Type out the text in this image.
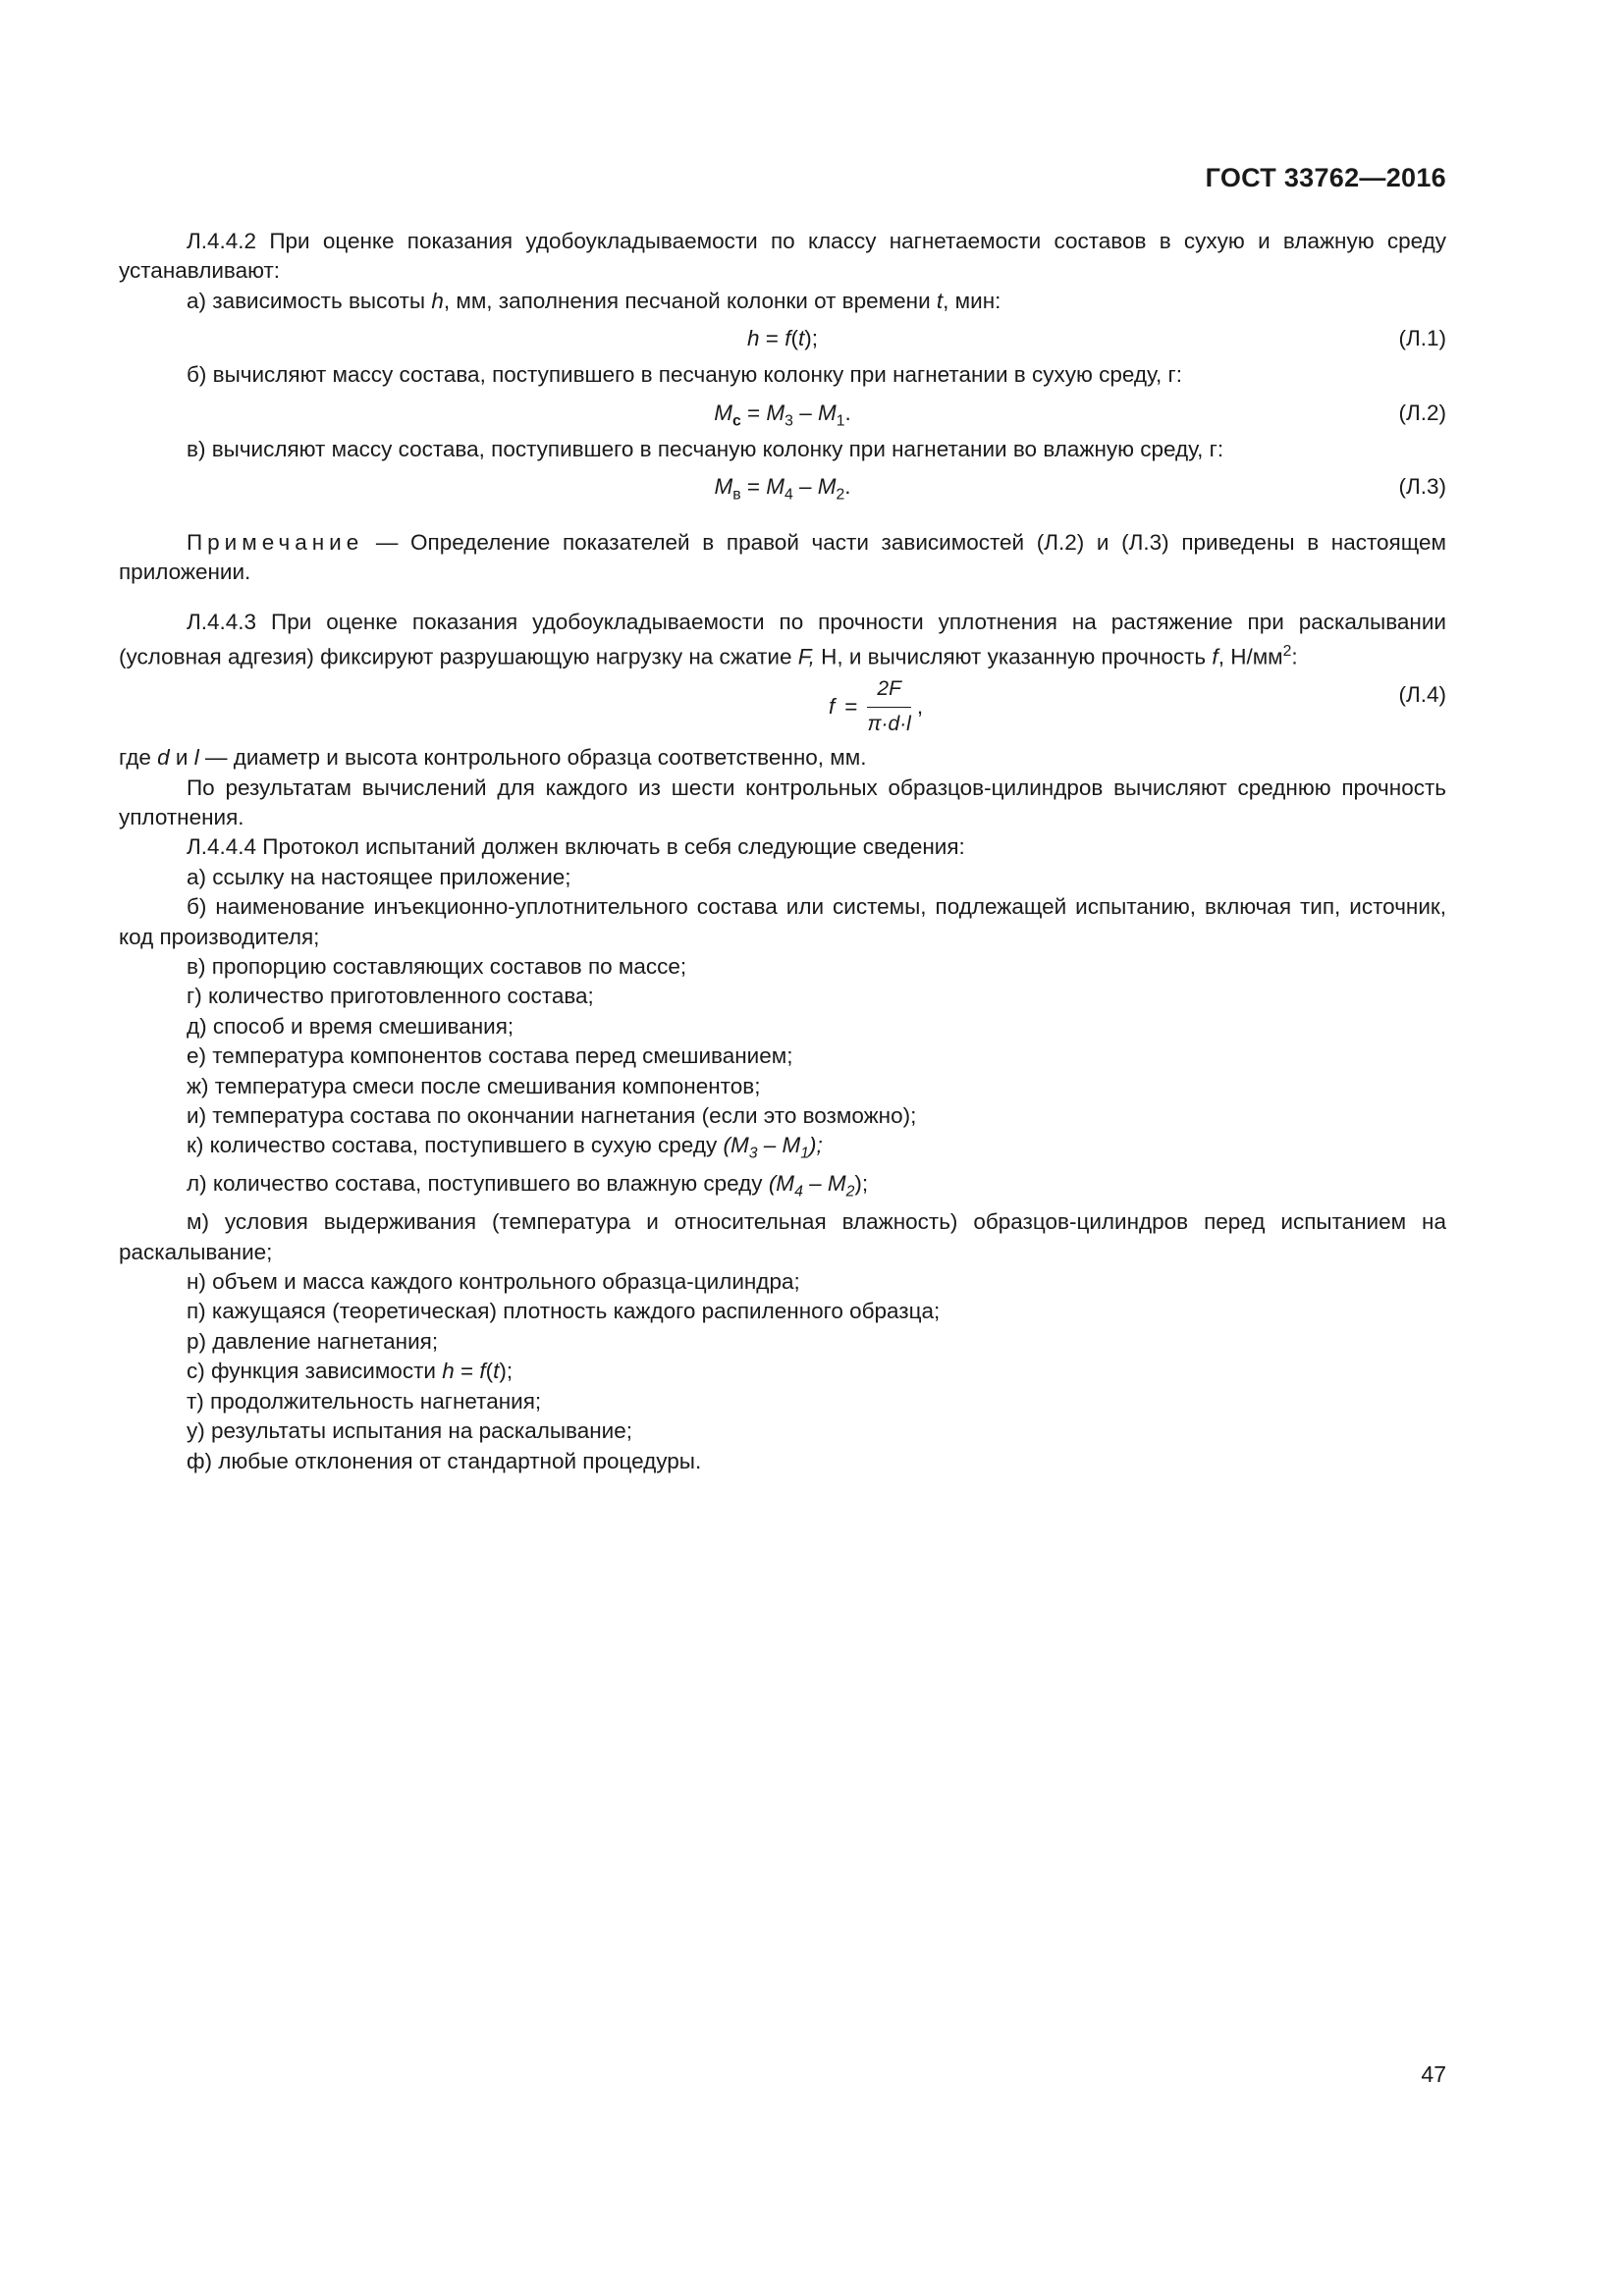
ГОСТ 33762—2016

Л.4.4.2 При оценке показания удобоукладываемости по классу нагнетаемости составов в сухую и влажную среду устанавливают:

а) зависимость высоты h, мм, заполнения песчаной колонки от времени t, мин:

h = f(t);	(Л.1)

б) вычисляют массу состава, поступившего в песчаную колонку при нагнетании в сухую среду, г:

$M_c = M_3 - M_1$.	(Л.2)

в) вычисляют массу состава, поступившего в песчаную колонку при нагнетании во влажную среду, г:

$M_в = M_4 - M_2$.	(Л.3)

Примечание — Определение показателей в правой части зависимостей (Л.2) и (Л.3) приведены в настоящем приложении.

Л.4.4.3 При оценке показания удобоукладываемости по прочности уплотнения на растяжение при раскалывании (условная адгезия) фиксируют разрушающую нагрузку на сжатие F, Н, и вычисляют указанную прочность f, $Н/мм^2$:

$f = \frac{2F}{\pi\cdot d\cdot l}$ ,	(Л.4)

где d и l — диаметр и высота контрольного образца соответственно, мм.

По результатам вычислений для каждого из шести контрольных образцов-цилиндров вычисляют среднюю прочность уплотнения.

Л.4.4.4 Протокол испытаний должен включать в себя следующие сведения:

а) ссылку на настоящее приложение;

б) наименование инъекционно-уплотнительного состава или системы, подлежащей испытанию, включая тип, источник, код производителя;

в) пропорцию составляющих составов по массе;

г) количество приготовленного состава;

д) способ и время смешивания;

е) температура компонентов состава перед смешиванием;

ж) температура смеси после смешивания компонентов;

и) температура состава по окончании нагнетания (если это возможно);

к) количество состава, поступившего в сухую среду $(M_3 - M_1)$;

л) количество состава, поступившего во влажную среду $(M_4 - M_2)$;

м) условия выдерживания (температура и относительная влажность) образцов-цилиндров перед испытанием на раскалывание;

н) объем и масса каждого контрольного образца-цилиндра;

п) кажущаяся (теоретическая) плотность каждого распиленного образца;

р) давление нагнетания;

с) функция зависимости h = f(t);

т) продолжительность нагнетания;

у) результаты испытания на раскалывание;

ф) любые отклонения от стандартной процедуры.

47
